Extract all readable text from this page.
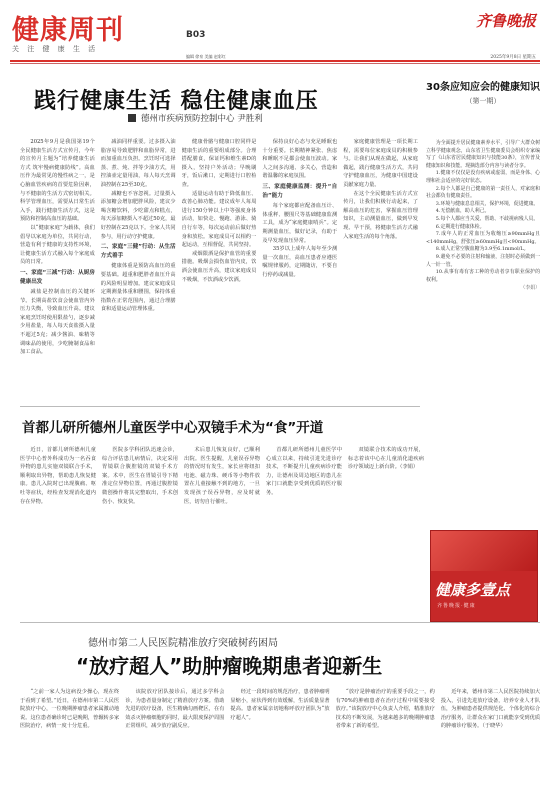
健康周刊	B03
关 注 健 康 生 活
编辑 徐泉 美编 赵彩红
齐鲁晚报
2025年9月8日 星期五
践行健康生活 稳住健康血压
德州市疾病预防控制中心 尹胜利

2025年9月是我国第19个全民健康生活方式宣传月，今年的宣传月主题为“培养健康生活方式 筑牢慢病健康防线”。高血压作为最常见的慢性病之一，是心脑血管疾病的首要危险因素，与不健康的生活方式密切相关。科学管理血压，需要从日常生活入手，践行健康生活方式，这是预防和控制高血压的基础。

以“健康家庭”为载体，我们倡导以家庭为单位，共同行动，营造有利于健康的支持性环境，让健康生活方式融入每个家庭成员的日常。

一、家庭“三减”行动：从厨房健康出发

减盐是控制血压的关键环节。长期高盐饮食会使血管内外压力失衡，导致血压升高。建议家庭烹饪时使用限盐勺，逐步减少用盐量，每人每天食盐摄入量不超过5克；减少酱油、味精等调味品的使用，少吃腌制食品和加工食品。

减油同样重要。过多摄入油脂容易导致肥胖和血脂异常，进而加重血压负担。烹饪时可选择蒸、煮、炖、拌等少油方式，用控油壶定量用油，每人每天烹调油控制在25至30克。

减糖也不容忽视。过量摄入添加糖会增加肥胖风险，建议少喝含糖饮料，少吃甜点和糕点，每天添加糖摄入不超过50克，最好控制在25克以下。全家人共同参与，用行动守护健康。

二、家庭“三健”行动：从生活方式着手

健康体重是预防高血压的重要基础。超重和肥胖者血压升高的风险明显增加。建议家庭成员定期测量体重和腰围，保持体重指数在正常范围内，通过合理膳食和适量运动管理体重。

健康骨骼与健康口腔同样是健康生活的重要组成部分。合理搭配膳食，保证钙和维生素D的摄入，坚持户外活动；早晚刷牙，饭后漱口，定期进行口腔检查。

适量运动有助于降低血压、改善心肺功能。建议成年人每周进行150分钟以上中等强度身体活动，如快走、慢跑、游泳、骑自行车等，每次运动前后做好热身和放松。家庭成员可以相约一起运动，互相督促，共同坚持。

戒烟限酒是保护血管的重要措施。吸烟会损伤血管内皮，饮酒会使血压升高，建议家庭成员不吸烟，不饮酒或少饮酒。

保持良好心态与充足睡眠也十分重要。长期精神紧张、焦虑和睡眠不足都会使血压波动。家人之间多沟通、多关心，营造和谐温馨的家庭氛围。

三、家庭健康监测：提升“自治”能力

每个家庭都应配备血压计、体重秤、腰围尺等基础健康监测工具，成为“家庭健康哨兵”。定期测量血压，做好记录，有助于及早发现血压异常。

35岁以上成年人每年至少测量一次血压，高血压患者应遵医嘱规律服药，定期随访，不要自行停药或减量。

家庭健康管理是一项长期工程，需要每位家庭成员的积极参与。让我们从现在做起，从家庭做起，践行健康生活方式，共同守护健康血压，为健康中国建设贡献家庭力量。

在这个全民健康生活方式宣传月，让我们积极行动起来，了解高血压的危害，掌握血压管理知识，主动测量血压，做到早发现、早干预，将健康生活方式融入家庭生活的每个角落。

30条应知应会的健康知识
（第一期）

为全面提升居民健康素养水平，引导广大群众树立科学健康观念，山东省卫生健康委员会组织专家编写了《山东省居民健康知识与技能30条》，宣传普及健康知识和技能。现摘选部分内容与读者分享。

1.健康不仅仅是没有疾病或虚弱，而是身体、心理和社会适应的完好状态。

2.每个人都是自己健康的第一责任人，对家庭和社会都负有健康责任。

3.环境与健康息息相关，保护环境，促进健康。

4.无偿献血，助人利己。

5.每个人都应当关爱、帮助、不歧视病残人员。

6.定期进行健康体检。

7.成年人的正常血压为收缩压≥90mmHg且<140mmHg，舒张压≥60mmHg且<90mmHg。

8.成人正常空腹血糖为3.9至6.1mmol/L。

9.避免不必要的注射和输液，注射时必须做到一人一针一管。

10.从事有毒有害工种的劳动者享有职业保护的权利。

（李娟）
健康多壹点
齐鲁晚报·健康
首都儿研所德州儿童医学中心双镜手术为“食”开道

近日，首都儿研所德州儿童医学中心普外科成功为一名吞食异物的患儿实施双镜联合手术，顺利取出异物，帮助患儿恢复健康。患儿入院时已出现腹痛、呕吐等症状，经检查发现消化道内存在异物。

医院多学科团队迅速会诊，综合评估患儿病情后，决定采用胃镜联合腹腔镜的双镜手术方案。术中，医生在胃镜引导下精准定位异物位置，再通过腹腔镜微创操作将其完整取出，手术创伤小、恢复快。

术后患儿恢复良好，已顺利出院。医生提醒，儿童误吞异物的情况时有发生，家长应将纽扣电池、磁力珠、硬币等小物件放置在儿童接触不到的地方，一旦发现孩子误吞异物，应及时就医，切勿自行催吐。

首都儿研所德州儿童医学中心成立以来，持续引进先进诊疗技术，不断提升儿童疾病诊疗能力，让德州及周边地区的患儿在家门口就能享受到优质的医疗服务。

双镜联合技术的成功开展，标志着该中心在儿童消化道疾病诊疗领域迈上新台阶。（李娟）

德州市第二人民医院精准放疗突破树药困局
“放疗超人”助肿瘤晚期患者迎新生

“之前一家人为这病没少操心，现在终于看到了希望。”近日，在德州市第二人民医院放疗中心，一位晚期肿瘤患者家属激动地说。这位患者确诊时已是晚期，曾辗转多家医院治疗，病情一度十分危重。

该院放疗团队接诊后，通过多学科会诊，为患者量身制定了精准放疗方案。借助先进的放疗设备，医生精确勾画靶区，在有效杀灭肿瘤细胞的同时，最大限度保护周围正常组织，减少放疗副反应。

经过一段时间的规范治疗，患者肿瘤明显缩小，症状得到有效缓解，生活质量显著提高。患者家属亲切地称呼放疗团队为“放疗超人”。

“放疗是肿瘤治疗的重要手段之一，约有70%的肿瘤患者在治疗过程中需要接受放疗。”该院放疗中心负责人介绍，精准放疗技术的不断发展，为越来越多的晚期肿瘤患者带来了新的希望。

近年来，德州市第二人民医院持续加大投入，引进先进放疗设备，培养专业人才队伍，为肿瘤患者提供规范化、个体化的综合治疗服务，让群众在家门口就能享受到优质的肿瘤诊疗服务。（于晓华）
